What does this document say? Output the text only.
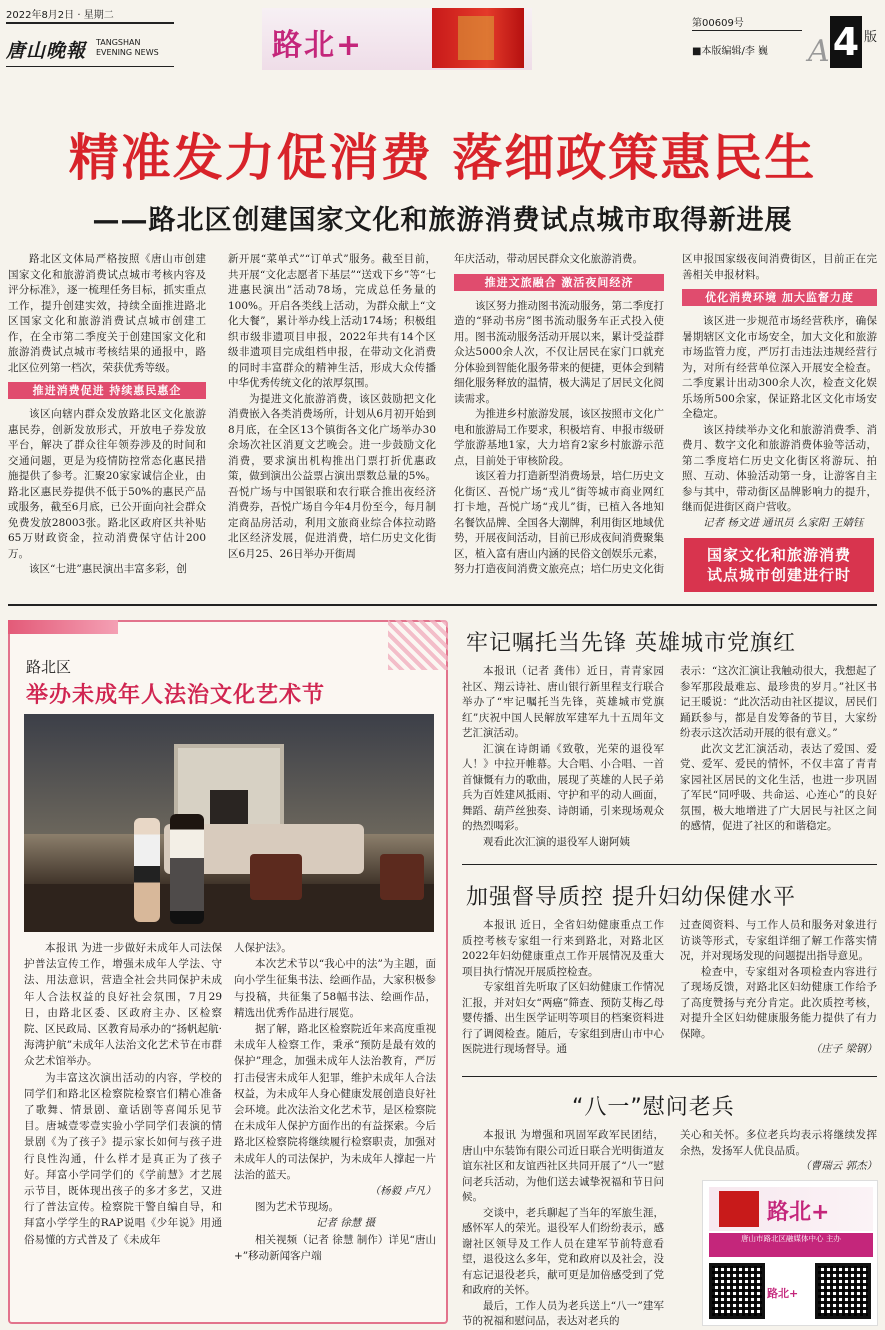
2022年8月2日 · 星期二
唐山晚報 TANGSHAN EVENING NEWS	路北+
第00609号
■本版编辑/李 巍 A 4 版
精准发力促消费 落细政策惠民生
——路北区创建国家文化和旅游消费试点城市取得新进展

路北区文体局严格按照《唐山市创建国家文化和旅游消费试点城市考核内容及评分标准》，逐一梳理任务目标，抓实重点工作，提升创建实效，持续全面推进路北区国家文化和旅游消费试点城市创建工作，在全市第二季度关于创建国家文化和旅游消费试点城市考核结果的通报中，路北区位列第一档次，荣获优秀等级。

推进消费促进 持续惠民惠企

该区向辖内群众发放路北区文化旅游惠民券，创新发放形式，开放电子券发放平台，解决了群众往年领券涉及的时间和交通问题，更是为疫情防控常态化惠民措施提供了参考。汇聚20家家诚信企业，由路北区惠民券提供不低于50%的惠民产品或服务，截至6月底，已公开面向社会群众免费发放28003张。路北区政府区共补贴65万财政资金，拉动消费保守估计200万。

该区“七进”惠民演出丰富多彩，创

新开展“菜单式”“订单式”服务。截至目前，共开展“文化志愿者下基层”“送戏下乡”等“七进惠民演出”活动78场，完成总任务量的100%。开启各类线上活动，为群众献上“文化大餐”，累计举办线上活动174场；积极组织市级非遗项目申报，2022年共有14个区级非遗项目完成组档申报，在带动文化消费的同时丰富群众的精神生活，形成大众传播中华优秀传统文化的浓厚氛围。

为提进文化旅游消费，该区鼓励把文化消费嵌入各类消费场所，计划从6月初开始到8月底，在全区13个镇街各文化广场举办30余场次社区消夏文艺晚会。进一步鼓励文化消费，要求演出机构推出门票打折优惠政策，做到演出公益票占演出票数总量的5%。吾悦广场与中国银联和农行联合推出夜经济消费券，吾悦广场自今年4月份至今，每月制定商品房活动，利用文旅商业综合体拉动路北区经济发展，促进消费，培仁历史文化街区6月25、26日举办开街周

年庆活动，带动居民群众文化旅游消费。

推进文旅融合 激活夜间经济

该区努力推动图书流动服务，第二季度打造的“驿动书房”图书流动服务车正式投入使用。图书流动服务活动开展以来，累计受益群众达5000余人次，不仅让居民在家门口就充分体验到智能化服务带来的便捷，更体会到精细化服务释放的温情，极大满足了居民文化阅读需求。

为推进乡村旅游发展，该区按照市文化广电和旅游局工作要求，积极培育、申报市级研学旅游基地1家，大力培育2家乡村旅游示范点，目前处于审核阶段。

该区着力打造新型消费场景，培仁历史文化街区、吾悦广场“戎儿”街等城市商业网红打卡地，吾悦广场“戎儿”街，已植入各地知名餐饮品牌、全国各大潮牌，利用街区地域优势，开展夜间活动，目前已形成夜间消费聚集区，植入富有唐山内涵的民俗文创娱乐元素，努力打造夜间消费文旅亮点；培仁历史文化街

区申报国家级夜间消费街区，目前正在完善相关申报材料。

优化消费环境 加大监督力度

该区进一步规范市场经营秩序，确保暑期辖区文化市场安全，加大文化和旅游市场监管力度，严厉打击违法违规经营行为，对所有经营单位深入开展安全检查。二季度累计出动300余人次，检查文化娱乐场所500余家，保证路北区文化市场安全稳定。

该区持续举办文化和旅游消费季、消费月、数字文化和旅游消费体验等活动，第二季度培仁历史文化街区将游玩、拍照、互动、体验活动第一身，让游客自主参与其中，带动街区品牌影响力的提升，继而促进街区商户营收。

记者 杨文进 通讯员 么家阳 王婧钰

国家文化和旅游消费
试点城市创建进行时
路北区
举办未成年人法治文化艺术节

本报讯 为进一步做好未成年人司法保护普法宣传工作，增强未成年人学法、守法、用法意识，营造全社会共同保护未成年人合法权益的良好社会氛围，7月29日，由路北区委、区政府主办、区检察院、区民政局、区教育局承办的“扬帆起航·海湾护航”未成年人法治文化艺术节在市群众艺术馆举办。

为丰富这次演出活动的内容，学校的同学们和路北区检察院检察官们精心准备了歌舞、情景剧、童话剧等喜闻乐见节目。唐城壹零壹实验小学同学们表演的情景剧《为了孩子》提示家长如何与孩子进行良性沟通，什么样才是真正为了孩子好。拜富小学同学们的《学前慧》才艺展示节目，既体现出孩子的多才多艺，又进行了普法宣传。检察院干警自编自导，和拜富小学学生的RAP说唱《少年说》用通俗易懂的方式普及了《未成年

人保护法》。

本次艺术节以“我心中的法”为主题，面向小学生征集书法、绘画作品，大家积极参与投稿，共征集了58幅书法、绘画作品，精选出优秀作品进行展览。

据了解，路北区检察院近年来高度重视未成年人检察工作，秉承“预防是最有效的保护”理念，加强未成年人法治教育，严厉打击侵害未成年人犯罪，维护未成年人合法权益，为未成年人身心健康发展创造良好社会环境。此次法治文化艺术节，是区检察院在未成年人保护方面作出的有益探索。今后路北区检察院将继续履行检察职责，加强对未成年人的司法保护，为未成年人撑起一片法治的蓝天。

（杨毅 卢凡）

图为艺术节现场。

记者 徐慧 摄

相关视频（记者 徐慧 制作）详见“唐山+”移动新闻客户端

牢记嘱托当先锋 英雄城市党旗红

本报讯（记者 龚伟）近日，青青家园社区、翔云诗社、唐山银行新里程支行联合举办了“牢记嘱托当先锋，英雄城市党旗红”庆祝中国人民解放军建军九十五周年文艺汇演活动。

汇演在诗朗诵《致敬，光荣的退役军人！》中拉开帷幕。大合唱、小合唱、一首首慷慨有力的歌曲，展现了英雄的人民子弟兵为百姓建风抵雨、守护和平的动人画面，舞蹈、葫芦丝独奏、诗朗诵，引来现场观众的热烈喝彩。

观看此次汇演的退役军人谢阿姨

表示：“这次汇演让我触动很大，我想起了参军那段最难忘、最珍贵的岁月。”社区书记王暖说：“此次活动由社区提议，居民们踊跃参与，都是自发筹备的节目，大家纷纷表示这次活动开展的很有意义。”

此次文艺汇演活动，表达了爱国、爱党、爱军、爱民的情怀，不仅丰富了青青家园社区居民的文化生活，也进一步巩固了军民“同呼吸、共命运、心连心”的良好氛围，极大地增进了广大居民与社区之间的感情，促进了社区的和谐稳定。

加强督导质控 提升妇幼保健水平

本报讯 近日，全省妇幼健康重点工作质控考核专家组一行来到路北，对路北区2022年妇幼健康重点工作开展情况及重大项目执行情况开展质控检查。

专家组首先听取了区妇幼健康工作情况汇报，并对妇女“两癌”筛查、预防艾梅乙母婴传播、出生医学证明等项目的档案资料进行了调阅检查。随后，专家组到唐山市中心医院进行现场督导。通

过查阅资料、与工作人员和服务对象进行访谈等形式，专家组详细了解工作落实情况，并对现场发现的问题提出指导意见。

检查中，专家组对各项检查内容进行了现场反馈，对路北区妇幼健康工作给予了高度赞扬与充分肯定。此次质控考核，对提升全区妇幼健康服务能力提供了有力保障。

（庄子 梁钢）

“八一”慰问老兵

本报讯 为增强和巩固军政军民团结，唐山中东装饰有限公司近日联合光明街道友谊东社区和友谊西社区共同开展了“八一”慰问老兵活动，为他们送去诚挚祝福和节日问候。

交谈中，老兵聊起了当年的军旅生涯，感怀军人的荣光。退役军人们纷纷表示，感谢社区领导及工作人员在建军节前特意看望，退役这么多年，党和政府以及社会，没有忘记退役老兵，献可更是加倍感受到了党和政府的关怀。

最后，工作人员为老兵送上“八一”建军节的祝福和慰问品，表达对老兵的

关心和关怀。多位老兵均表示将继续发挥余热，发扬军人优良品质。

（曹瑞云 郭杰）

路北+
唐山市路北区融媒体中心 主办
路北+
